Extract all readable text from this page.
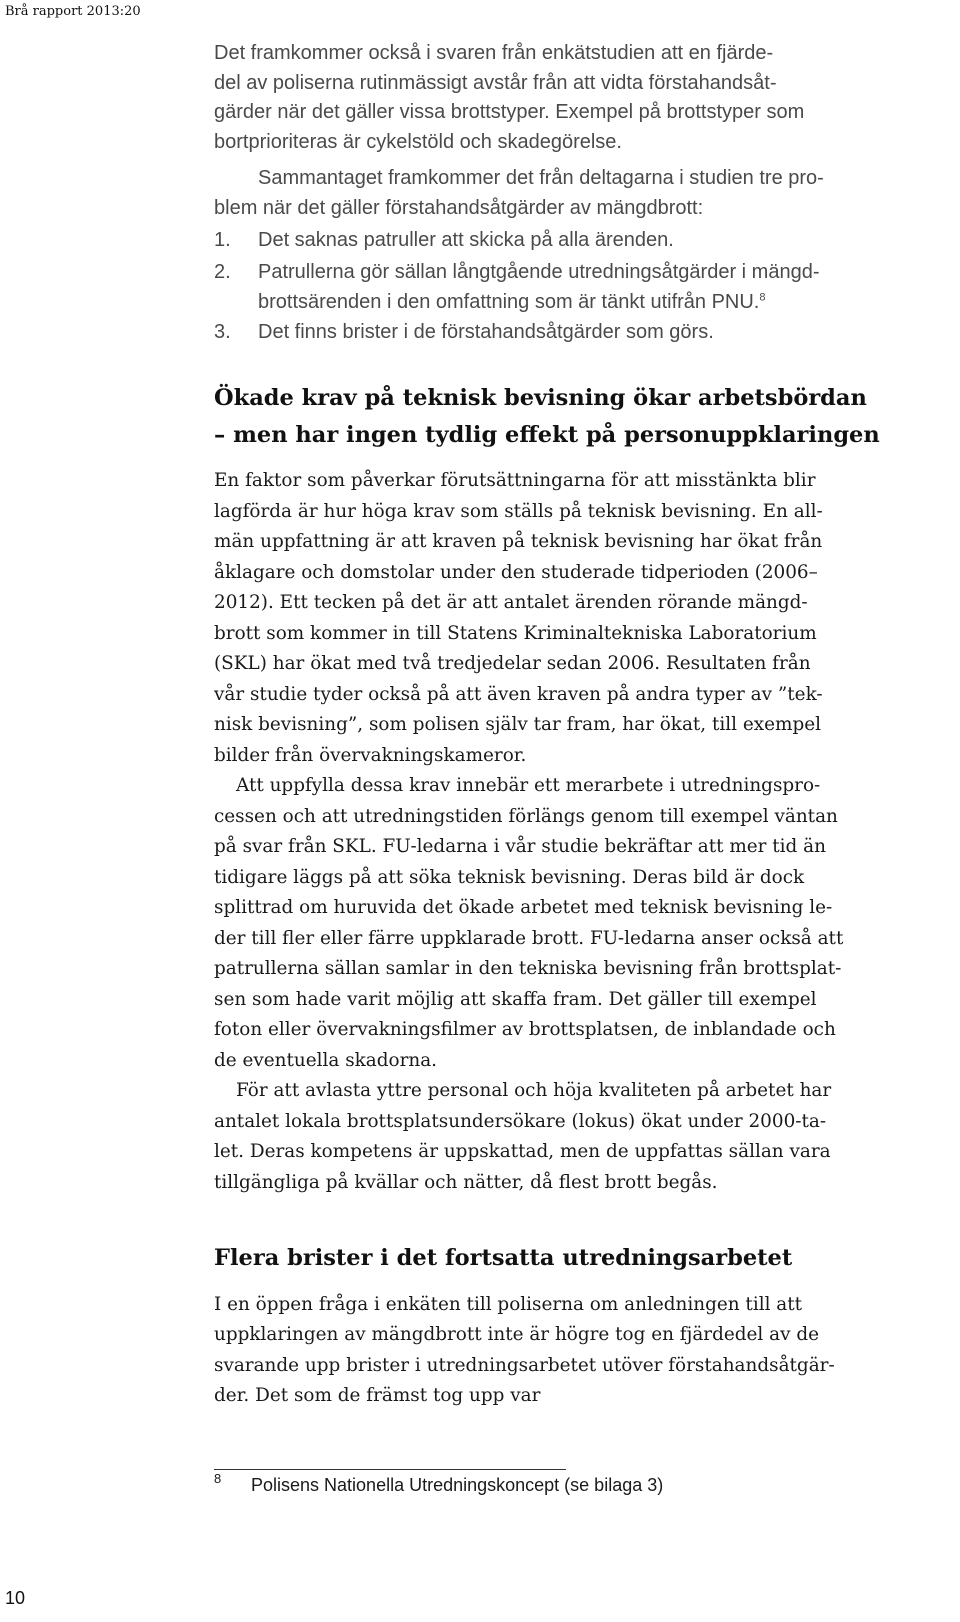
Brå rapport 2013:20
Det framkommer också i svaren från enkätstudien att en fjärde-
del av poliserna rutinmässigt avstår från att vidta förstahandsåt-
gärder när det gäller vissa brottstyper. Exempel på brottstyper som
bortprioriteras är cykelstöld och skadegörelse.
Sammantaget framkommer det från deltagarna i studien tre pro-
blem när det gäller förstahandsåtgärder av mängdbrott:
1. Det saknas patruller att skicka på alla ärenden.
2. Patrullerna gör sällan långtgående utredningsåtgärder i mängd-
brottsärenden i den omfattning som är tänkt utifrån PNU.$^8$
3. Det finns brister i de förstahandsåtgärder som görs.
Ökade krav på teknisk bevisning ökar arbetsbördan
– men har ingen tydlig effekt på personuppklaringen
En faktor som påverkar förutsättningarna för att misstänkta blir
lagförda är hur höga krav som ställs på teknisk bevisning. En all-
män uppfattning är att kraven på teknisk bevisning har ökat från
åklagare och domstolar under den studerade tidperioden (2006–
2012). Ett tecken på det är att antalet ärenden rörande mängd-
brott som kommer in till Statens Kriminaltekniska Laboratorium
(SKL) har ökat med två tredjedelar sedan 2006. Resultaten från
vår studie tyder också på att även kraven på andra typer av ”tek-
nisk bevisning”, som polisen själv tar fram, har ökat, till exempel
bilder från övervakningskameror.
Att uppfylla dessa krav innebär ett merarbete i utredningspro-
cessen och att utredningstiden förlängs genom till exempel väntan
på svar från SKL. FU-ledarna i vår studie bekräftar att mer tid än
tidigare läggs på att söka teknisk bevisning. Deras bild är dock
splittrad om huruvida det ökade arbetet med teknisk bevisning le-
der till fler eller färre uppklarade brott. FU-ledarna anser också att
patrullerna sällan samlar in den tekniska bevisning från brottsplat-
sen som hade varit möjlig att skaffa fram. Det gäller till exempel
foton eller övervakningsfilmer av brottsplatsen, de inblandade och
de eventuella skadorna.
För att avlasta yttre personal och höja kvaliteten på arbetet har
antalet lokala brottsplatsundersökare (lokus) ökat under 2000-ta-
let. Deras kompetens är uppskattad, men de uppfattas sällan vara
tillgängliga på kvällar och nätter, då flest brott begås.
Flera brister i det fortsatta utredningsarbetet
I en öppen fråga i enkäten till poliserna om anledningen till att
uppklaringen av mängdbrott inte är högre tog en fjärdedel av de
svarande upp brister i utredningsarbetet utöver förstahandsåtgär-
der. Det som de främst tog upp var
8 Polisens Nationella Utredningskoncept (se bilaga 3)
10
